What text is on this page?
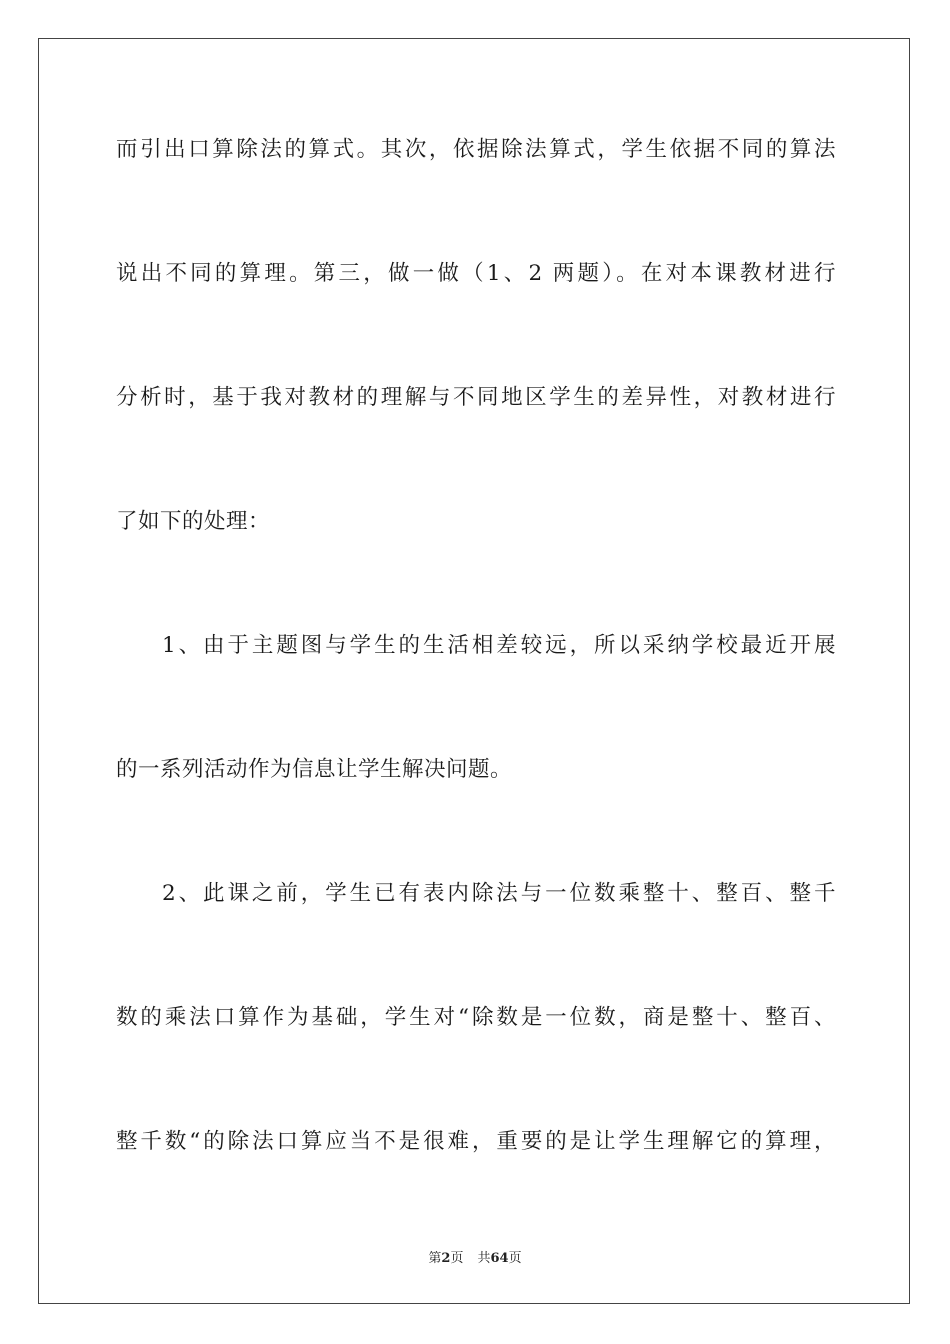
而引出口算除法的算式。其次，依据除法算式，学生依据不同的算法
说出不同的算理。第三，做一做（1、2 两题）。在对本课教材进行
分析时，基于我对教材的理解与不同地区学生的差异性，对教材进行
了如下的处理：
1、由于主题图与学生的生活相差较远，所以采纳学校最近开展
的一系列活动作为信息让学生解决问题。
2、此课之前，学生已有表内除法与一位数乘整十、整百、整千
数的乘法口算作为基础，学生对“除数是一位数，商是整十、整百、
整千数“的除法口算应当不是很难，重要的是让学生理解它的算理，
第2页 共64页
